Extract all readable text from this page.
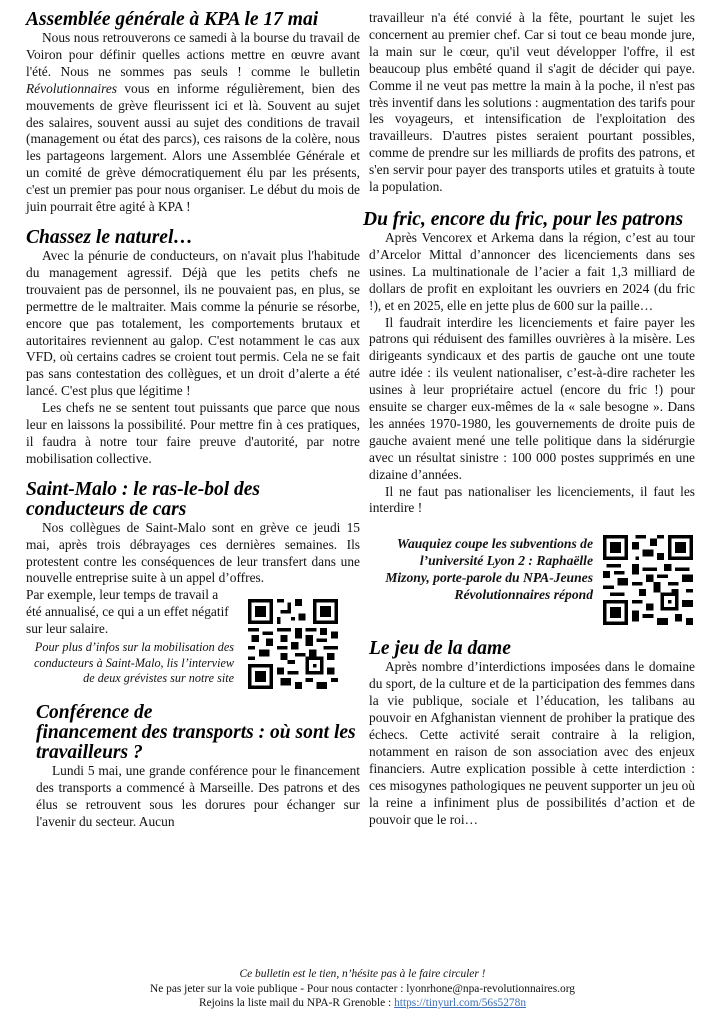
Assemblée générale à KPA le 17 mai

Nous nous retrouverons ce samedi à la bourse du travail de Voiron pour définir quelles actions mettre en œuvre avant l'été. Nous ne sommes pas seuls ! comme le bulletin Révolutionnaires vous en informe régulièrement, bien des mouvements de grève fleurissent ici et là. Souvent au sujet des salaires, souvent aussi au sujet des conditions de travail (management ou état des parcs), ces raisons de la colère, nous les partageons largement. Alors une Assemblée Générale et un comité de grève démocratiquement élu par les présents, c'est un premier pas pour nous organiser. Le début du mois de juin pourrait être agité à KPA !

Chassez le naturel…

Avec la pénurie de conducteurs, on n'avait plus l'habitude du management agressif. Déjà que les petits chefs ne trouvaient pas de personnel, ils ne pouvaient pas, en plus, se permettre de le maltraiter. Mais comme la pénurie se résorbe, encore que pas totalement, les comportements brutaux et autoritaires reviennent au galop. C'est notamment le cas aux VFD, où certains cadres se croient tout permis. Cela ne se fait pas sans contestation des collègues, et un droit d’alerte a été lancé. C'est plus que légitime !

Les chefs ne se sentent tout puissants que parce que nous leur en laissons la possibilité. Pour mettre fin à ces pratiques, il faudra à notre tour faire preuve d'autorité, par notre mobilisation collective.

Saint-Malo : le ras-le-bol des
conducteurs de cars

Nos collègues de Saint-Malo sont en grève ce jeudi 15 mai, après trois débrayages ces dernières semaines. Ils protestent contre les conséquences de leur transfert dans une nouvelle entreprise suite à un appel d’offres.

Par exemple, leur temps de travail a été annualisé, ce qui a un effet négatif sur leur salaire.

Pour plus d’infos sur la mobilisation des conducteurs à Saint-Malo, lis l’interview de deux grévistes sur notre site

Conférence de
financement des transports : où sont les
travailleurs ?

Lundi 5 mai, une grande conférence pour le financement des transports a commencé à Marseille. Des patrons et des élus se retrouvent sous les dorures pour échanger sur l'avenir du secteur. Aucun

travailleur n'a été convié à la fête, pourtant le sujet les concernent au premier chef. Car si tout ce beau monde jure, la main sur le cœur, qu'il veut développer l'offre, il est beaucoup plus embêté quand il s'agit de décider qui paye. Comme il ne veut pas mettre la main à la poche, il n'est pas très inventif dans les solutions : augmentation des tarifs pour les voyageurs, et intensification de l'exploitation des travailleurs. D'autres pistes seraient pourtant possibles, comme de prendre sur les milliards de profits des patrons, et s'en servir pour payer des transports utiles et gratuits à toute la population.

Du fric, encore du fric, pour les patrons

Après Vencorex et Arkema dans la région, c’est au tour d’Arcelor Mittal d’annoncer des licenciements dans ses usines. La multinationale de l’acier a fait 1,3 milliard de dollars de profit en exploitant les ouvriers en 2024 (du fric !), et en 2025, elle en jette plus de 600 sur la paille…

Il faudrait interdire les licenciements et faire payer les patrons qui réduisent des familles ouvrières à la misère. Les dirigeants syndicaux et des partis de gauche ont une toute autre idée : ils veulent nationaliser, c’est-à-dire racheter les usines à leur propriétaire actuel (encore du fric !) pour ensuite se charger eux-mêmes de la « sale besogne ». Dans les années 1970-1980, les gouvernements de droite puis de gauche avaient mené une telle politique dans la sidérurgie avec un résultat sinistre : 100 000 postes supprimés en une dizaine d’années.

Il ne faut pas nationaliser les licenciements, il faut les interdire !

Wauquiez coupe les subventions de l’université Lyon 2 : Raphaëlle Mizony, porte-parole du NPA-Jeunes Révolutionnaires répond
Le jeu de la dame

Après nombre d’interdictions imposées dans le domaine du sport, de la culture et de la participation des femmes dans la vie publique, sociale et l’éducation, les talibans au pouvoir en Afghanistan viennent de prohiber la pratique des échecs. Cette activité serait contraire à la religion, notamment en raison de son association avec des enjeux financiers. Autre explication possible à cette interdiction : ces misogynes pathologiques ne peuvent supporter un jeu où la reine a infiniment plus de possibilités d’action et de pouvoir que le roi…

Ce bulletin est le tien, n’hésite pas à le faire circuler !
Ne pas jeter sur la voie publique - Pour nous contacter : lyonrhone@npa-revolutionnaires.org
Rejoins la liste mail du NPA-R Grenoble : https://tinyurl.com/56s5278n
